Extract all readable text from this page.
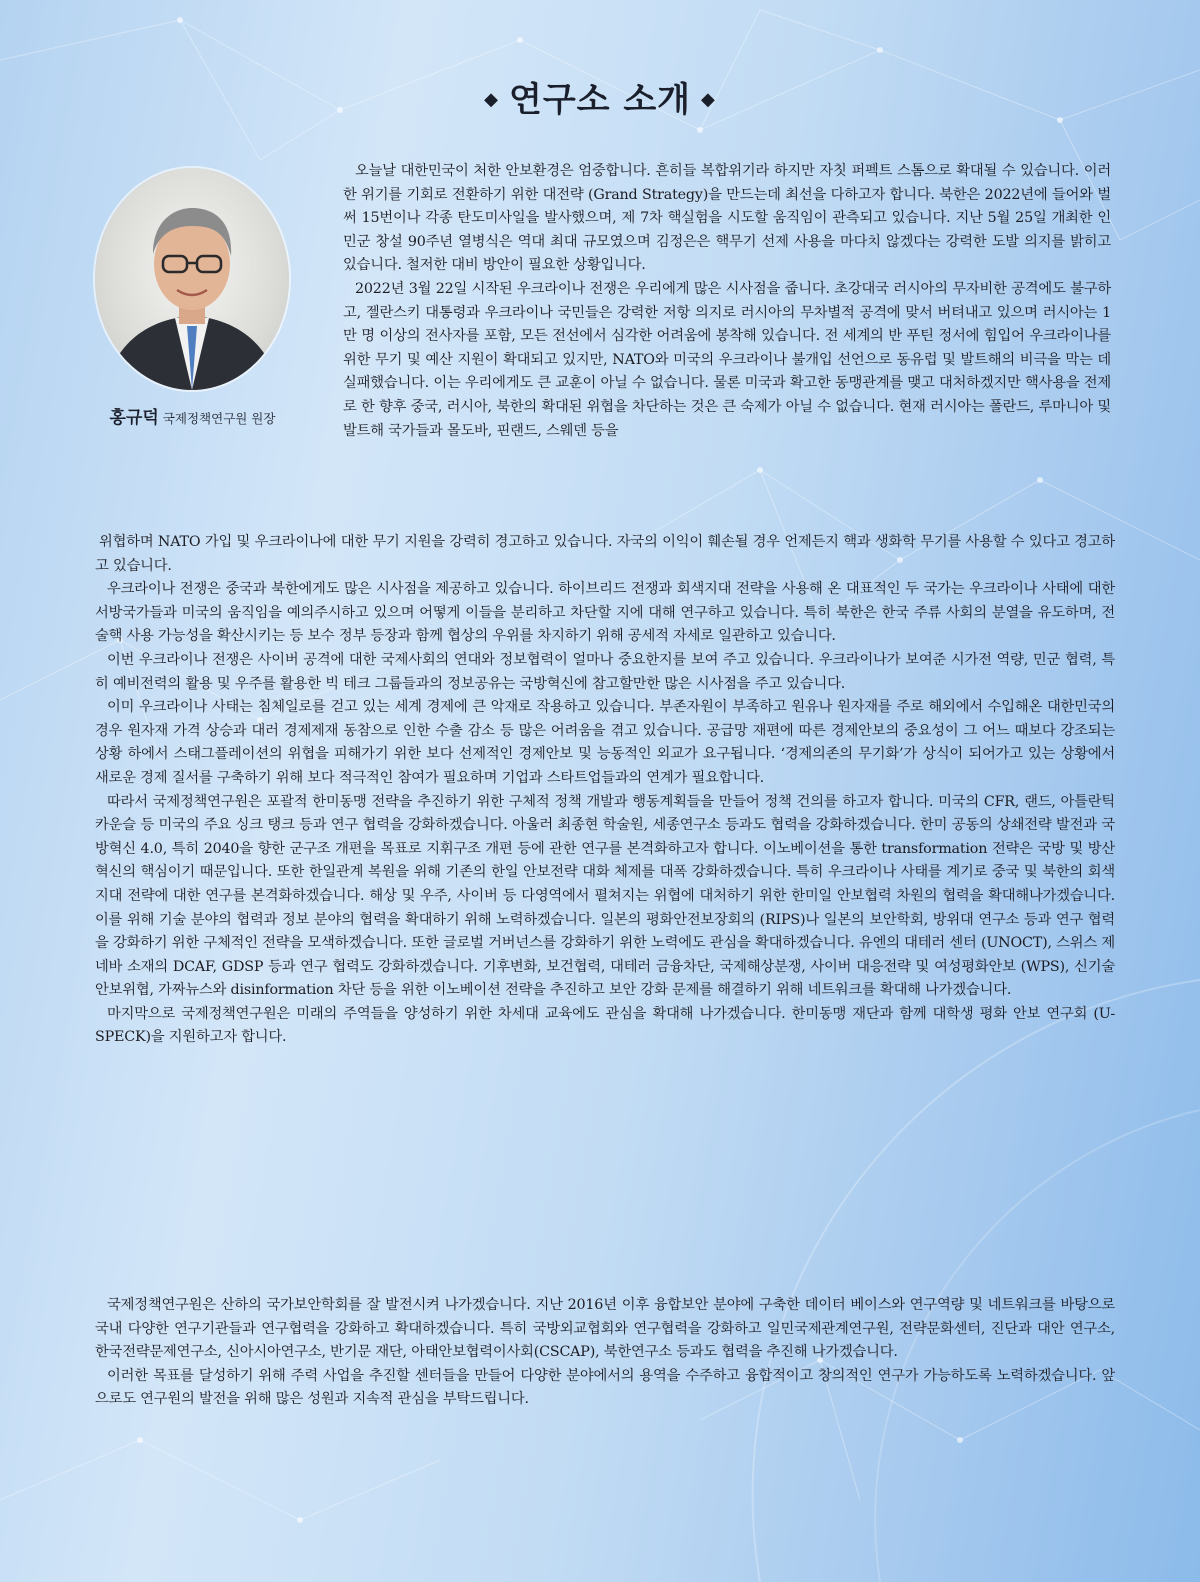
◆ 연구소 소개 ◆
홍규덕 국제정책연구원 원장
오늘날 대한민국이 처한 안보환경은 엄중합니다. 흔히들 복합위기라 하지만 자칫 퍼펙트 스톰으로 확대될 수 있습니다. 이러한 위기를 기회로 전환하기 위한 대전략 (Grand Strategy)을 만드는데 최선을 다하고자 합니다. 북한은 2022년에 들어와 벌써 15번이나 각종 탄도미사일을 발사했으며, 제 7차 핵실험을 시도할 움직임이 관측되고 있습니다. 지난 5월 25일 개최한 인민군 창설 90주년 열병식은 역대 최대 규모였으며 김정은은 핵무기 선제 사용을 마다치 않겠다는 강력한 도발 의지를 밝히고 있습니다. 철저한 대비 방안이 필요한 상황입니다.
2022년 3월 22일 시작된 우크라이나 전쟁은 우리에게 많은 시사점을 줍니다. 초강대국 러시아의 무자비한 공격에도 불구하고, 젤란스키 대통령과 우크라이나 국민들은 강력한 저항 의지로 러시아의 무차별적 공격에 맞서 버텨내고 있으며 러시아는 1만 명 이상의 전사자를 포함, 모든 전선에서 심각한 어려움에 봉착해 있습니다. 전 세계의 반 푸틴 정서에 힘입어 우크라이나를 위한 무기 및 예산 지원이 확대되고 있지만, NATO와 미국의 우크라이나 불개입 선언으로 동유럽 및 발트해의 비극을 막는 데 실패했습니다. 이는 우리에게도 큰 교훈이 아닐 수 없습니다. 물론 미국과 확고한 동맹관계를 맺고 대처하겠지만 핵사용을 전제로 한 향후 중국, 러시아, 북한의 확대된 위협을 차단하는 것은 큰 숙제가 아닐 수 없습니다. 현재 러시아는 폴란드, 루마니아 및 발트해 국가들과 몰도바, 핀랜드, 스웨덴 등을
위협하며 NATO 가입 및 우크라이나에 대한 무기 지원을 강력히 경고하고 있습니다. 자국의 이익이 훼손될 경우 언제든지 핵과 생화학 무기를 사용할 수 있다고 경고하고 있습니다.
우크라이나 전쟁은 중국과 북한에게도 많은 시사점을 제공하고 있습니다. 하이브리드 전쟁과 회색지대 전략을 사용해 온 대표적인 두 국가는 우크라이나 사태에 대한 서방국가들과 미국의 움직임을 예의주시하고 있으며 어떻게 이들을 분리하고 차단할 지에 대해 연구하고 있습니다. 특히 북한은 한국 주류 사회의 분열을 유도하며, 전술핵 사용 가능성을 확산시키는 등 보수 정부 등장과 함께 협상의 우위를 차지하기 위해 공세적 자세로 일관하고 있습니다.
이번 우크라이나 전쟁은 사이버 공격에 대한 국제사회의 연대와 정보협력이 얼마나 중요한지를 보여 주고 있습니다. 우크라이나가 보여준 시가전 역량, 민군 협력, 특히 예비전력의 활용 및 우주를 활용한 빅 테크 그룹들과의 정보공유는 국방혁신에 참고할만한 많은 시사점을 주고 있습니다.
이미 우크라이나 사태는 침체일로를 걷고 있는 세계 경제에 큰 악재로 작용하고 있습니다. 부존자원이 부족하고 원유나 원자재를 주로 해외에서 수입해온 대한민국의 경우 원자재 가격 상승과 대러 경제제재 동참으로 인한 수출 감소 등 많은 어려움을 겪고 있습니다. 공급망 재편에 따른 경제안보의 중요성이 그 어느 때보다 강조되는 상황 하에서 스태그플레이션의 위협을 피해가기 위한 보다 선제적인 경제안보 및 능동적인 외교가 요구됩니다. ‘경제의존의 무기화’가 상식이 되어가고 있는 상황에서 새로운 경제 질서를 구축하기 위해 보다 적극적인 참여가 필요하며 기업과 스타트업들과의 연계가 필요합니다.
따라서 국제정책연구원은 포괄적 한미동맹 전략을 추진하기 위한 구체적 정책 개발과 행동계획들을 만들어 정책 건의를 하고자 합니다. 미국의 CFR, 랜드, 아틀란틱 카운슬 등 미국의 주요 싱크 탱크 등과 연구 협력을 강화하겠습니다. 아울러 최종현 학술원, 세종연구소 등과도 협력을 강화하겠습니다. 한미 공동의 상쇄전략 발전과 국방혁신 4.0, 특히 2040을 향한 군구조 개편을 목표로 지휘구조 개편 등에 관한 연구를 본격화하고자 합니다. 이노베이션을 통한 transformation 전략은 국방 및 방산 혁신의 핵심이기 때문입니다. 또한 한일관계 복원을 위해 기존의 한일 안보전략 대화 체제를 대폭 강화하겠습니다. 특히 우크라이나 사태를 계기로 중국 및 북한의 회색지대 전략에 대한 연구를 본격화하겠습니다. 해상 및 우주, 사이버 등 다영역에서 펼쳐지는 위협에 대처하기 위한 한미일 안보협력 차원의 협력을 확대해나가겠습니다. 이를 위해 기술 분야의 협력과 정보 분야의 협력을 확대하기 위해 노력하겠습니다. 일본의 평화안전보장회의 (RIPS)나 일본의 보안학회, 방위대 연구소 등과 연구 협력을 강화하기 위한 구체적인 전략을 모색하겠습니다. 또한 글로벌 거버넌스를 강화하기 위한 노력에도 관심을 확대하겠습니다. 유엔의 대테러 센터 (UNOCT), 스위스 제네바 소재의 DCAF, GDSP 등과 연구 협력도 강화하겠습니다. 기후변화, 보건협력, 대테러 금융차단, 국제해상분쟁, 사이버 대응전략 및 여성평화안보 (WPS), 신기술 안보위협, 가짜뉴스와 disinformation 차단 등을 위한 이노베이션 전략을 추진하고 보안 강화 문제를 해결하기 위해 네트워크를 확대해 나가겠습니다.
마지막으로 국제정책연구원은 미래의 주역들을 양성하기 위한 차세대 교육에도 관심을 확대해 나가겠습니다. 한미동맹 재단과 함께 대학생 평화 안보 연구회 (U-SPECK)을 지원하고자 합니다.
국제정책연구원은 산하의 국가보안학회를 잘 발전시켜 나가겠습니다. 지난 2016년 이후 융합보안 분야에 구축한 데이터 베이스와 연구역량 및 네트워크를 바탕으로 국내 다양한 연구기관들과 연구협력을 강화하고 확대하겠습니다. 특히 국방외교협회와 연구협력을 강화하고 일민국제관계연구원, 전략문화센터, 진단과 대안 연구소, 한국전략문제연구소, 신아시아연구소, 반기문 재단, 아태안보협력이사회(CSCAP), 북한연구소 등과도 협력을 추진해 나가겠습니다.
이러한 목표를 달성하기 위해 주력 사업을 추진할 센터들을 만들어 다양한 분야에서의 용역을 수주하고 융합적이고 창의적인 연구가 가능하도록 노력하겠습니다. 앞으로도 연구원의 발전을 위해 많은 성원과 지속적 관심을 부탁드립니다.
